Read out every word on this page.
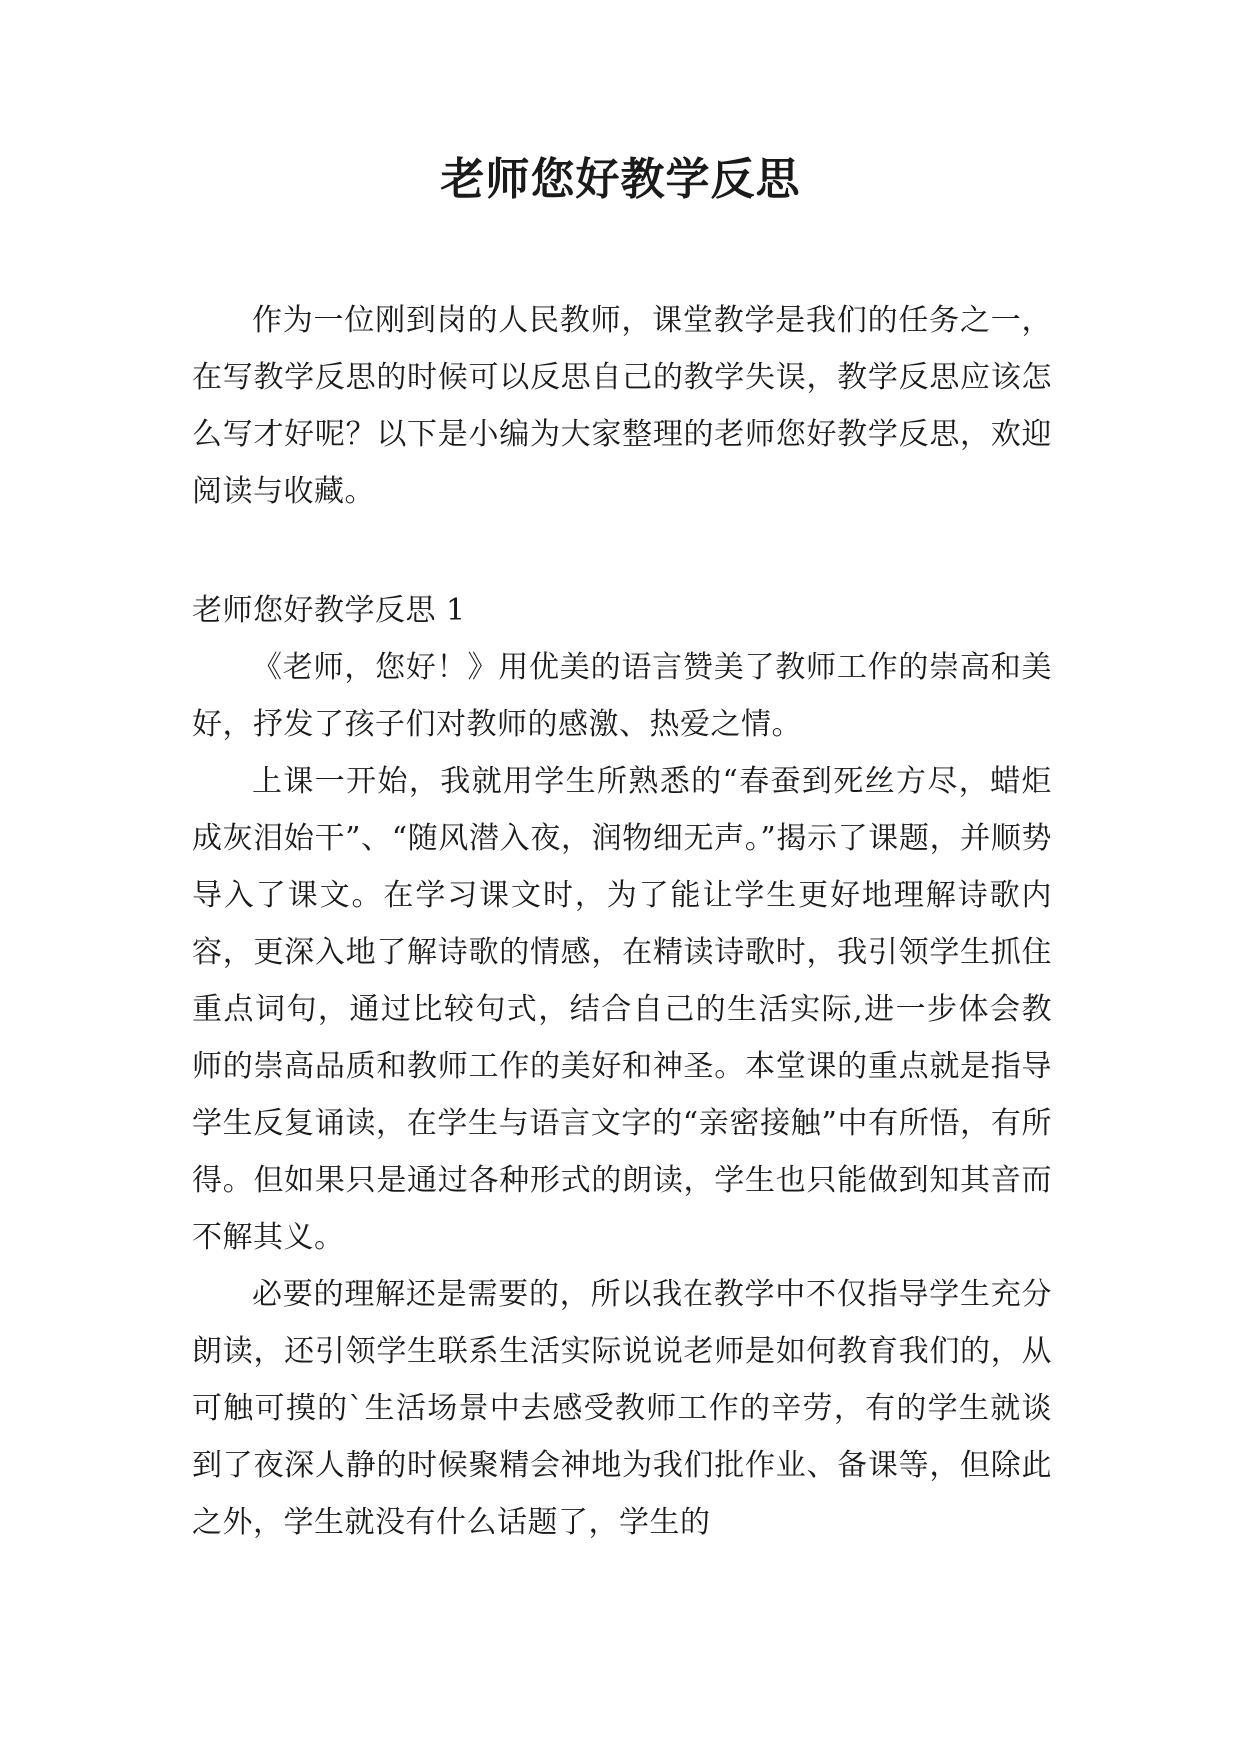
老师您好教学反思

作为一位刚到岗的人民教师，课堂教学是我们的任务之一，在写教学反思的时候可以反思自己的教学失误，教学反思应该怎么写才好呢？以下是小编为大家整理的老师您好教学反思，欢迎阅读与收藏。

老师您好教学反思 1

《老师，您好！》用优美的语言赞美了教师工作的崇高和美好，抒发了孩子们对教师的感激、热爱之情。

上课一开始，我就用学生所熟悉的“春蚕到死丝方尽，蜡炬成灰泪始干”、“随风潜入夜，润物细无声。”揭示了课题，并顺势导入了课文。在学习课文时，为了能让学生更好地理解诗歌内容，更深入地了解诗歌的情感，在精读诗歌时，我引领学生抓住重点词句，通过比较句式，结合自己的生活实际,进一步体会教师的崇高品质和教师工作的美好和神圣。本堂课的重点就是指导学生反复诵读，在学生与语言文字的“亲密接触”中有所悟，有所得。但如果只是通过各种形式的朗读，学生也只能做到知其音而不解其义。

必要的理解还是需要的，所以我在教学中不仅指导学生充分朗读，还引领学生联系生活实际说说老师是如何教育我们的，从可触可摸的`生活场景中去感受教师工作的辛劳，有的学生就谈到了夜深人静的时候聚精会神地为我们批作业、备课等，但除此之外，学生就没有什么话题了，学生的
